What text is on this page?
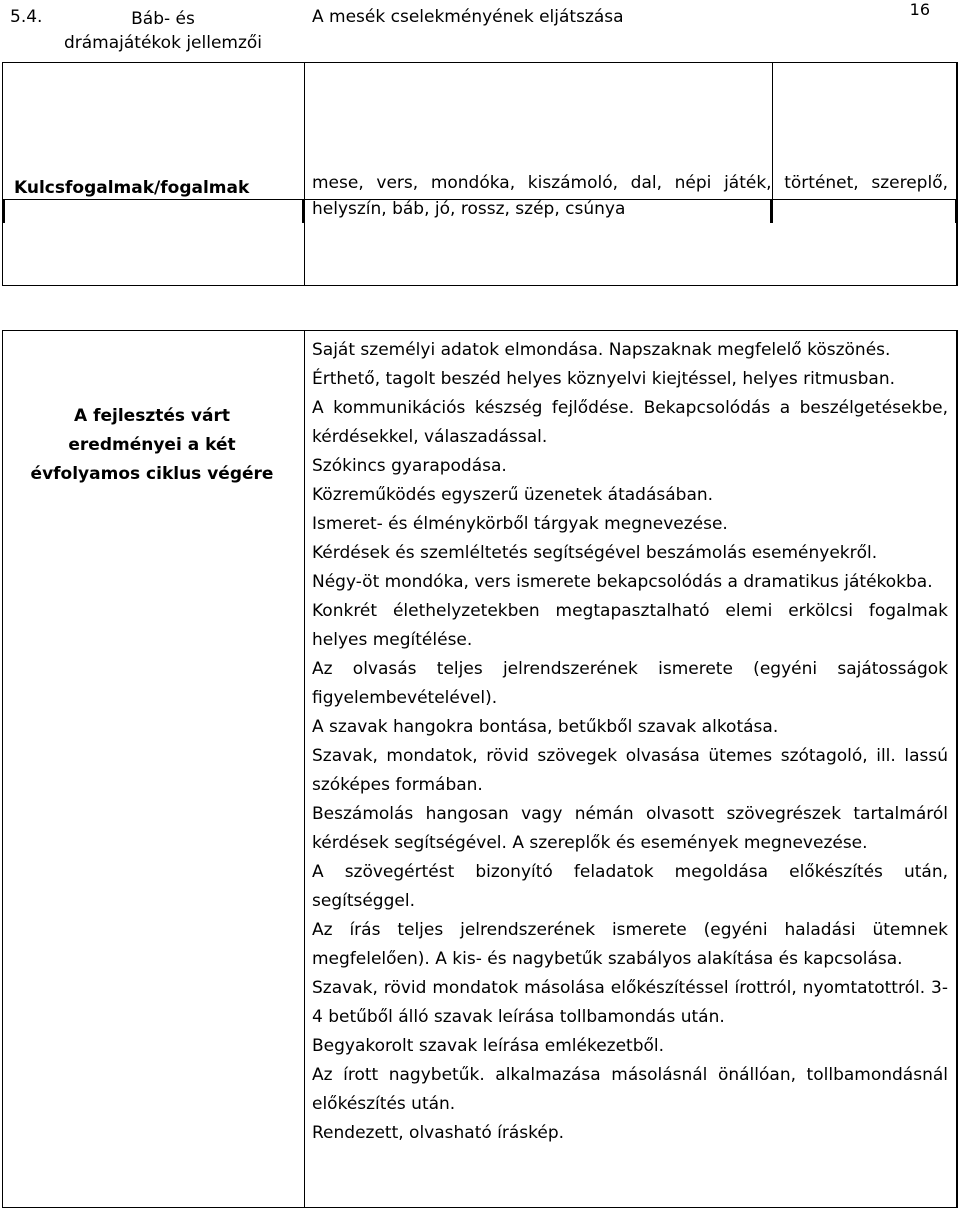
16
5.4.	Báb- és
drámajátékok jellemzői
A mesék cselekményének eljátszása
Kulcsfogalmak/fogalmak	mese, vers, mondóka, kiszámoló, dal, népi játék, történet, szereplő, helyszín, báb, jó, rossz, szép, csúnya
A fejlesztés várt
eredményei a két
évfolyamos ciklus végére
Saját személyi adatok elmondása. Napszaknak megfelelő köszönés.
Érthető, tagolt beszéd helyes köznyelvi kiejtéssel, helyes ritmusban.
A kommunikációs készség fejlődése. Bekapcsolódás a beszélgetésekbe, kérdésekkel, válaszadással.
Szókincs gyarapodása.
Közreműködés egyszerű üzenetek átadásában.
Ismeret- és élménykörből tárgyak megnevezése.
Kérdések és szemléltetés segítségével beszámolás eseményekről.
Négy-öt mondóka, vers ismerete bekapcsolódás a dramatikus játékokba.
Konkrét élethelyzetekben megtapasztalható elemi erkölcsi fogalmak helyes megítélése.
Az olvasás teljes jelrendszerének ismerete (egyéni sajátosságok figyelembevételével).
A szavak hangokra bontása, betűkből szavak alkotása.
Szavak, mondatok, rövid szövegek olvasása ütemes szótagoló, ill. lassú szóképes formában.
Beszámolás hangosan vagy némán olvasott szövegrészek tartalmáról kérdések segítségével. A szereplők és események megnevezése.
A szövegértést bizonyító feladatok megoldása előkészítés után, segítséggel.
Az írás teljes jelrendszerének ismerete (egyéni haladási ütemnek megfelelően). A kis- és nagybetűk szabályos alakítása és kapcsolása.
Szavak, rövid mondatok másolása előkészítéssel írottról, nyomtatottról. 3-4 betűből álló szavak leírása tollbamondás után.
Begyakorolt szavak leírása emlékezetből.
Az írott nagybetűk. alkalmazása másolásnál önállóan, tollbamondásnál előkészítés után.
Rendezett, olvasható íráskép.
